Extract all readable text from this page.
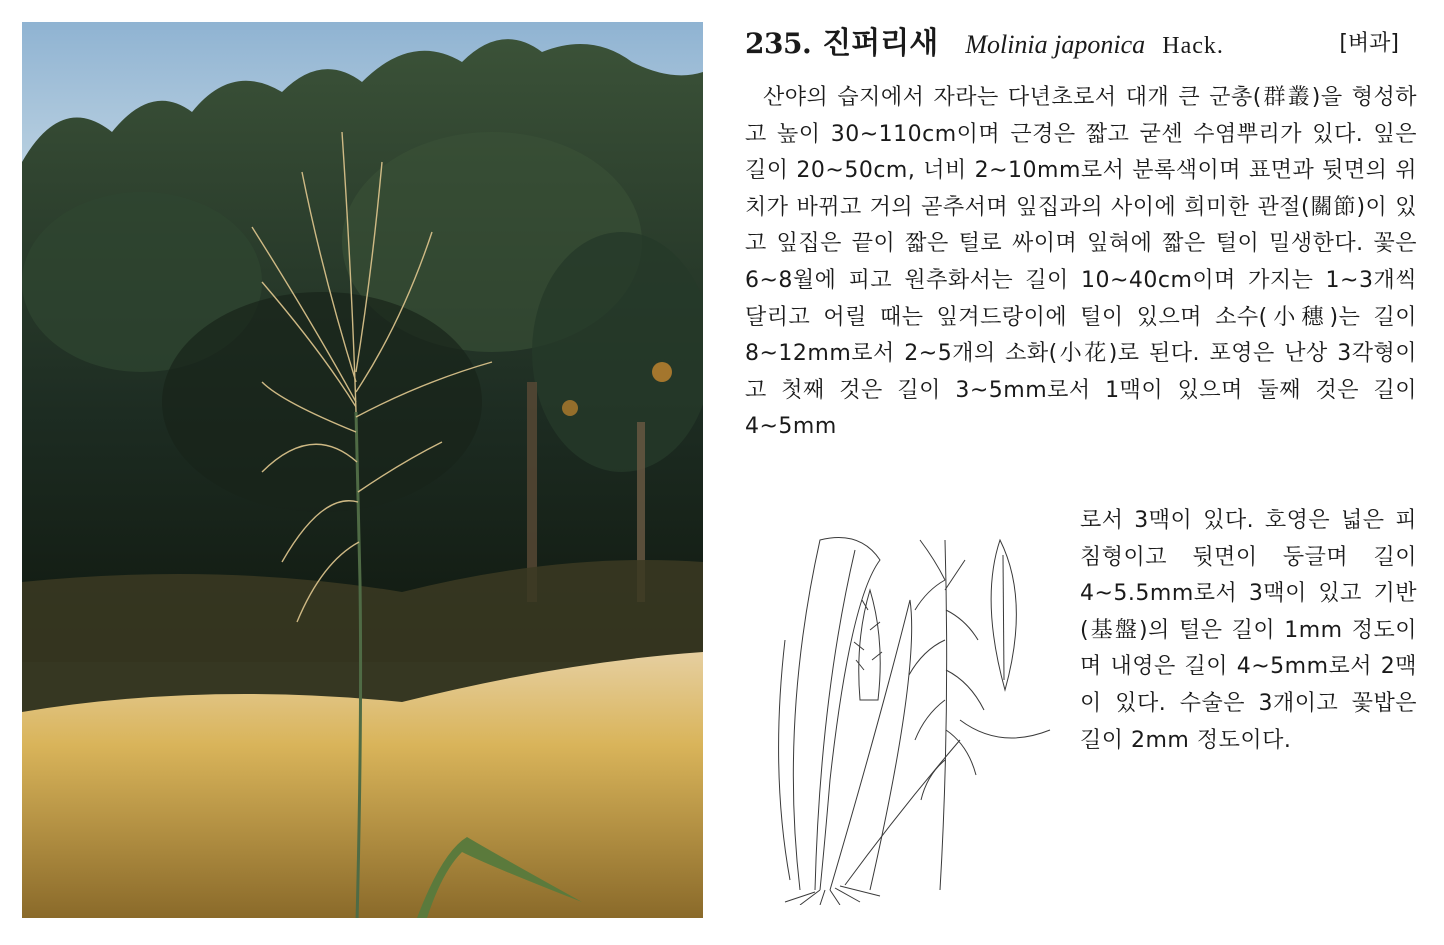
235. 진퍼리새 Molinia japonica Hack.	[벼과]

산야의 습지에서 자라는 다년초로서 대개 큰 군총(群叢)을 형성하고 높이 30~110cm이며 근경은 짧고 굳센 수염뿌리가 있다. 잎은 길이 20~50cm, 너비 2~10mm로서 분록색이며 표면과 뒷면의 위치가 바뀌고 거의 곧추서며 잎집과의 사이에 희미한 관절(關節)이 있고 잎집은 끝이 짧은 털로 싸이며 잎혀에 짧은 털이 밀생한다. 꽃은 6~8월에 피고 원추화서는 길이 10~40cm이며 가지는 1~3개씩 달리고 어릴 때는 잎겨드랑이에 털이 있으며 소수(小穗)는 길이 8~12mm로서 2~5개의 소화(小花)로 된다. 포영은 난상 3각형이고 첫째 것은 길이 3~5mm로서 1맥이 있으며 둘째 것은 길이 4~5mm

로서 3맥이 있다. 호영은 넓은 피침형이고 뒷면이 둥글며 길이 4~5.5mm로서 3맥이 있고 기반(基盤)의 털은 길이 1mm 정도이며 내영은 길이 4~5mm로서 2맥이 있다. 수술은 3개이고 꽃밥은 길이 2mm 정도이다.
